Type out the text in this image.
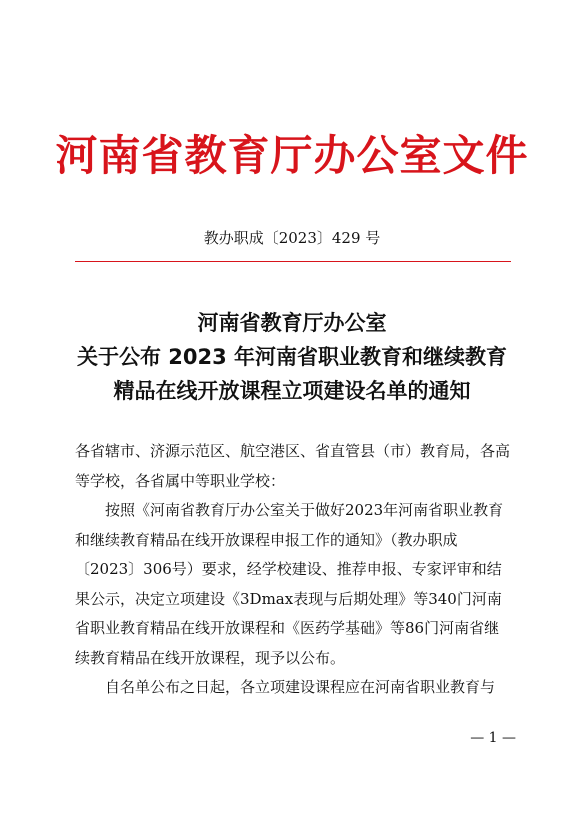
河南省教育厅办公室文件
教办职成〔2023〕429 号
河南省教育厅办公室
关于公布 2023 年河南省职业教育和继续教育
精品在线开放课程立项建设名单的通知

各省辖市、济源示范区、航空港区、省直管县（市）教育局，各高等学校，各省属中等职业学校：

按照《河南省教育厅办公室关于做好2023年河南省职业教育和继续教育精品在线开放课程申报工作的通知》（教办职成〔2023〕306号）要求，经学校建设、推荐申报、专家评审和结果公示，决定立项建设《3Dmax表现与后期处理》等340门河南省职业教育精品在线开放课程和《医药学基础》等86门河南省继续教育精品在线开放课程，现予以公布。

自名单公布之日起，各立项建设课程应在河南省职业教育与

— 1 —
